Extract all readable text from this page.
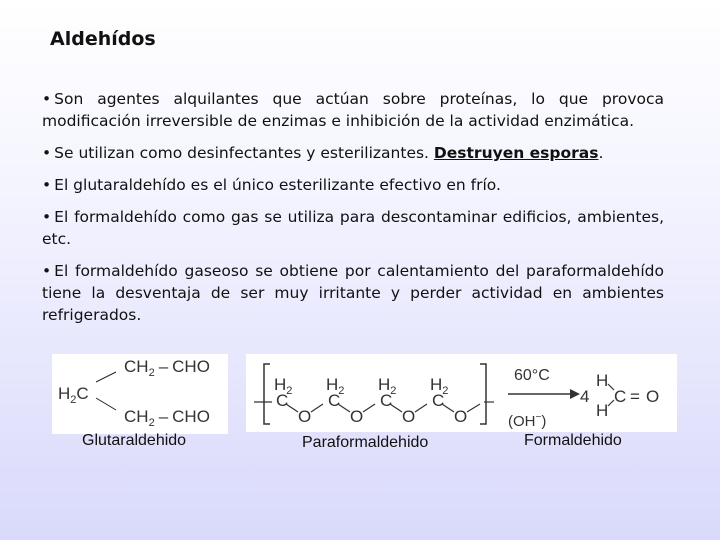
Aldehídos

• Son agentes alquilantes que actúan sobre proteínas, lo que provoca modificación irreversible de enzimas e inhibición de la actividad enzimática.

• Se utilizan como desinfectantes y esterilizantes. Destruyen esporas.

• El glutaraldehído es el único esterilizante efectivo en frío.

• El formaldehído como gas se utiliza para descontaminar edificios, ambientes, etc.

• El formaldehído gaseoso se obtiene por calentamiento del paraformaldehído tiene la desventaja de ser muy irritante y perder actividad en ambientes refrigerados.

$H_2C$
$CH_2$ – CHO
$CH_2$ – CHO
Glutaraldehido
$H_2$
C
O
$H_2$
C
O
$H_2$
C
O
$H_2$
C
O
60°C
(OH−)
4
H
H
C = O
Paraformaldehido	Formaldehido
